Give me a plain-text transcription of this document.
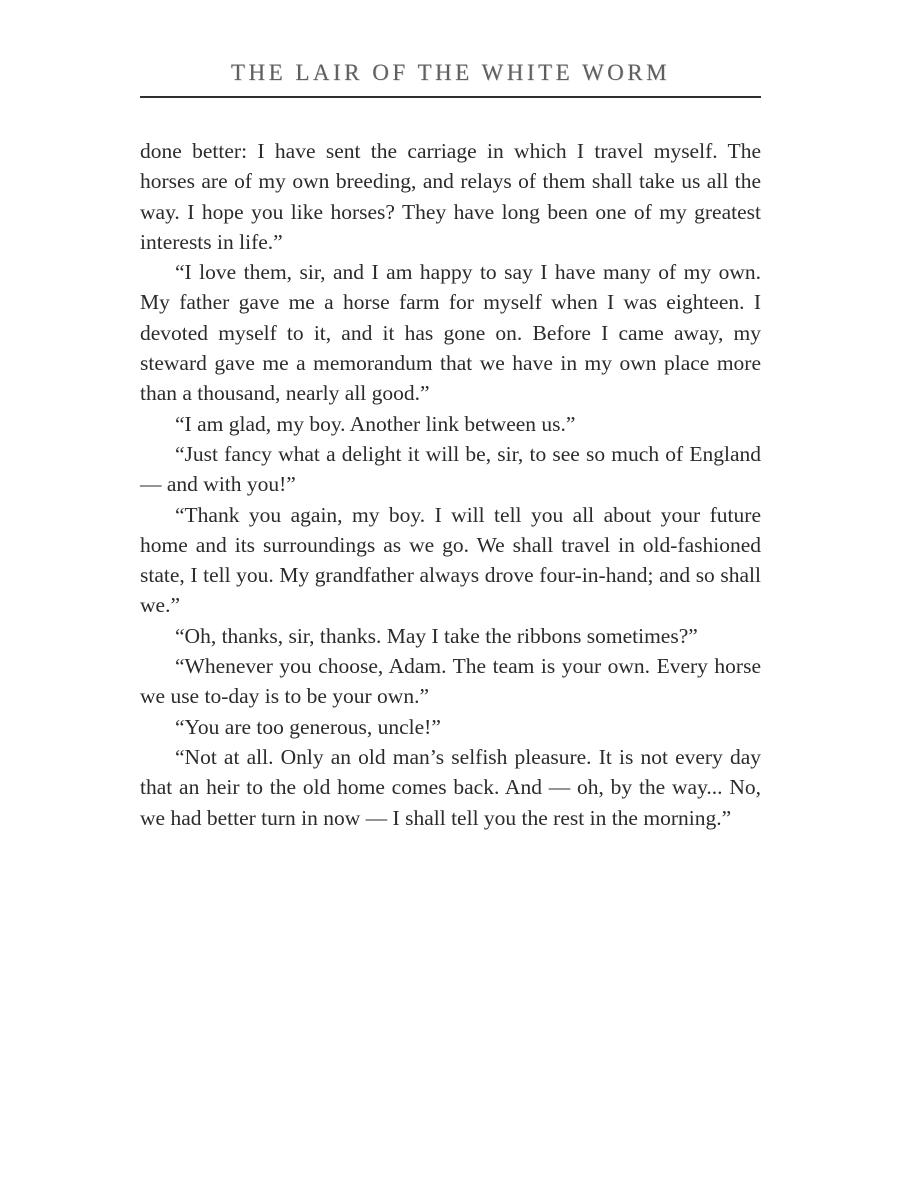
THE LAIR OF THE WHITE WORM

done better: I have sent the carriage in which I travel myself. The horses are of my own breeding, and relays of them shall take us all the way. I hope you like horses? They have long been one of my greatest interests in life.”

“I love them, sir, and I am happy to say I have many of my own. My father gave me a horse farm for myself when I was eighteen. I devoted myself to it, and it has gone on. Before I came away, my steward gave me a memorandum that we have in my own place more than a thousand, nearly all good.”

“I am glad, my boy. Another link between us.”

“Just fancy what a delight it will be, sir, to see so much of England — and with you!”

“Thank you again, my boy. I will tell you all about your future home and its surroundings as we go. We shall travel in old-fashioned state, I tell you. My grandfather always drove four-in-hand; and so shall we.”

“Oh, thanks, sir, thanks. May I take the ribbons sometimes?”

“Whenever you choose, Adam. The team is your own. Every horse we use to-day is to be your own.”

“You are too generous, uncle!”

“Not at all. Only an old man’s selfish pleasure. It is not every day that an heir to the old home comes back. And — oh, by the way... No, we had better turn in now — I shall tell you the rest in the morning.”
